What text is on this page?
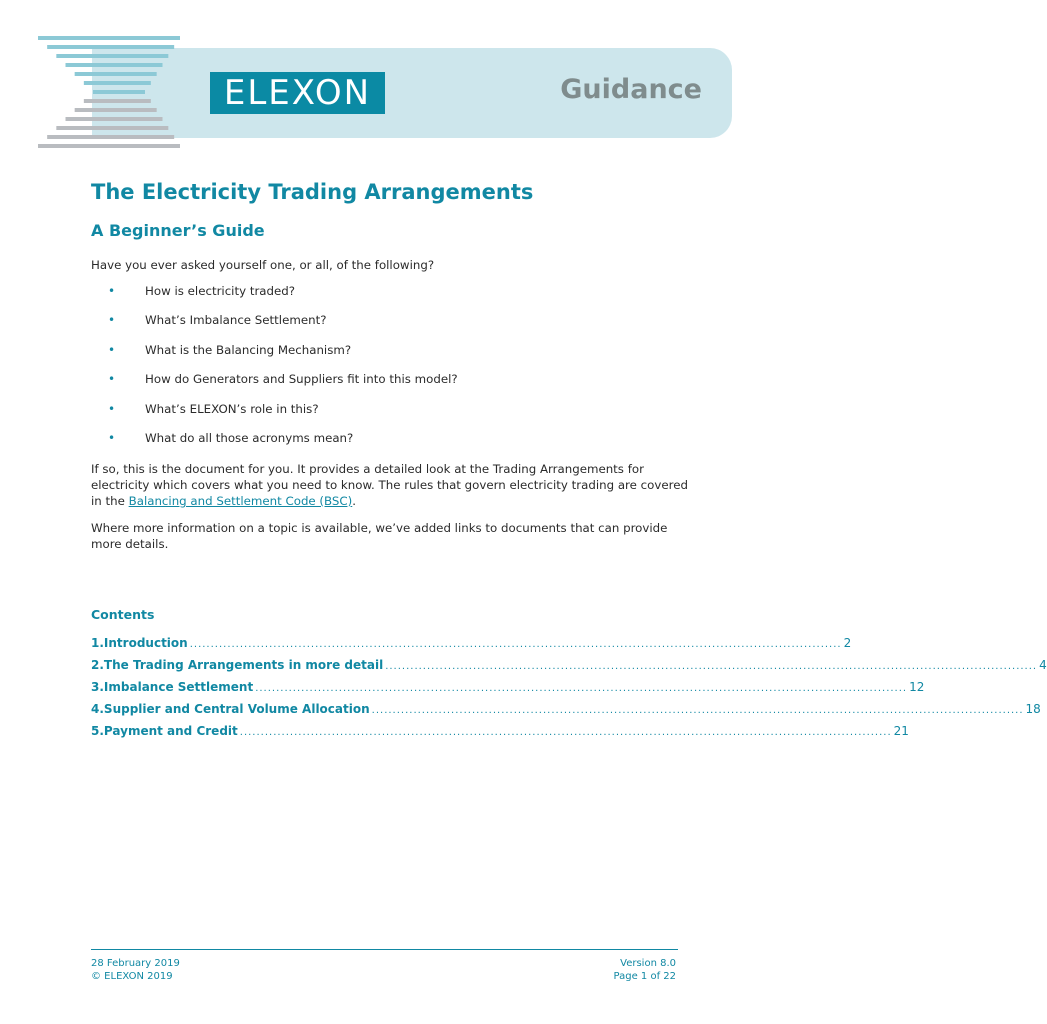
ELEXON	Guidance
The Electricity Trading Arrangements
A Beginner’s Guide
Have you ever asked yourself one, or all, of the following?
•	How is electricity traded?
•	What’s Imbalance Settlement?
•	What is the Balancing Mechanism?
•	How do Generators and Suppliers fit into this model?
•	What’s ELEXON’s role in this?
•	What do all those acronyms mean?
If so, this is the document for you. It provides a detailed look at the Trading Arrangements for electricity which covers what you need to know. The rules that govern electricity trading are covered in the Balancing and Settlement Code (BSC).
Where more information on a topic is available, we’ve added links to documents that can provide more details.
Contents
1. Introduction ............................................................................................................................................................ 2
2. The Trading Arrangements in more detail ............................................................................................................................................................ 4
3. Imbalance Settlement ............................................................................................................................................................ 12
4. Supplier and Central Volume Allocation ............................................................................................................................................................ 18
5. Payment and Credit ............................................................................................................................................................ 21
28 February 2019
© ELEXON 2019
Version 8.0
Page 1 of 22
